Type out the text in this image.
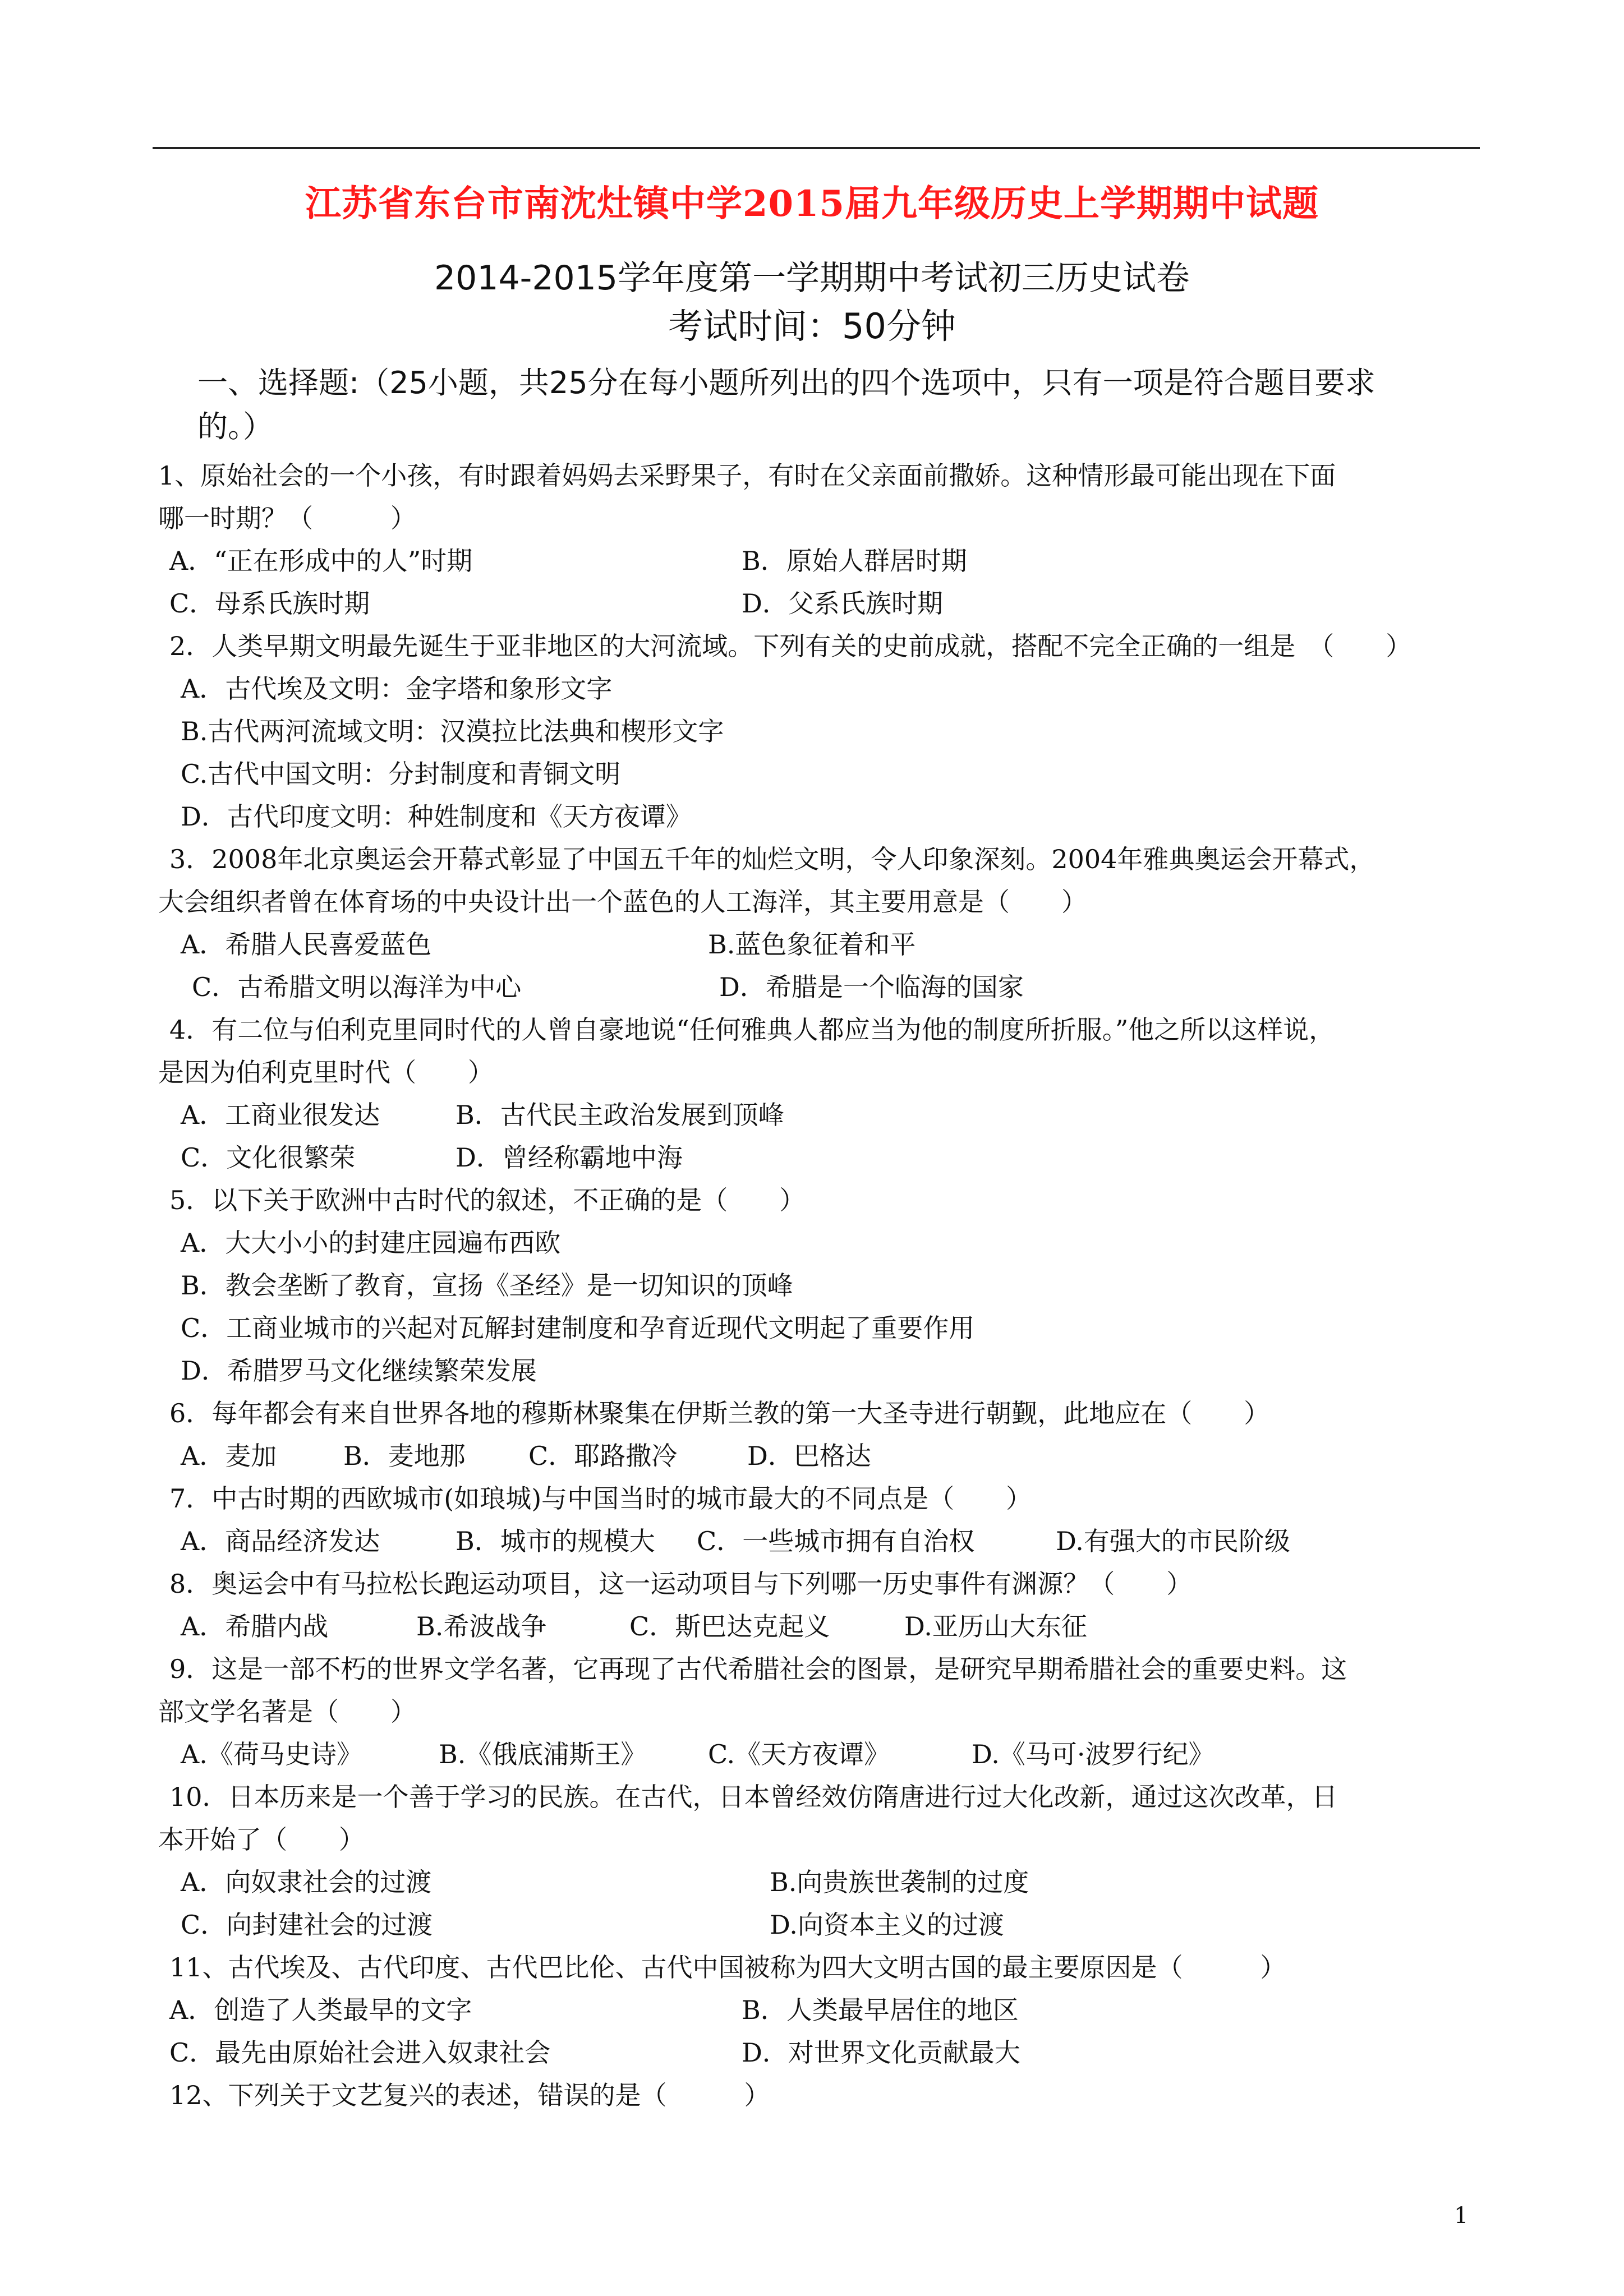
江苏省东台市南沈灶镇中学2015届九年级历史上学期期中试题
2014-2015学年度第一学期期中考试初三历史试卷
考试时间：50分钟
一、选择题:（25小题，共25分在每小题所列出的四个选项中，只有一项是符合题目要求
的。）
1、原始社会的一个小孩，有时跟着妈妈去采野果子，有时在父亲面前撒娇。这种情形最可能出现在下面
哪一时期？（　　　）
A．“正在形成中的人”时期	B．原始人群居时期
C．母系氏族时期	D．父系氏族时期
2．人类早期文明最先诞生于亚非地区的大河流域。下列有关的史前成就，搭配不完全正确的一组是　（　　）
A．古代埃及文明：金字塔和象形文字
B.古代两河流域文明：汉漠拉比法典和楔形文字
C.古代中国文明：分封制度和青铜文明
D．古代印度文明：种姓制度和《天方夜谭》
3．2008年北京奥运会开幕式彰显了中国五千年的灿烂文明，令人印象深刻。2004年雅典奥运会开幕式，
大会组织者曾在体育场的中央设计出一个蓝色的人工海洋，其主要用意是（　　）
A．希腊人民喜爱蓝色	B.蓝色象征着和平
C．古希腊文明以海洋为中心	D．希腊是一个临海的国家
4．有二位与伯利克里同时代的人曾自豪地说“任何雅典人都应当为他的制度所折服。”他之所以这样说，
是因为伯利克里时代（　　）
A．工商业很发达	B．古代民主政治发展到顶峰
C．文化很繁荣	D．曾经称霸地中海
5．以下关于欧洲中古时代的叙述，不正确的是（　　）
A．大大小小的封建庄园遍布西欧
B．教会垄断了教育，宣扬《圣经》是一切知识的顶峰
C．工商业城市的兴起对瓦解封建制度和孕育近现代文明起了重要作用
D．希腊罗马文化继续繁荣发展
6．每年都会有来自世界各地的穆斯林聚集在伊斯兰教的第一大圣寺进行朝觐，此地应在（　　）
A．麦加	B．麦地那 C．耶路撒冷	D．巴格达
7．中古时期的西欧城市(如琅城)与中国当时的城市最大的不同点是（　　）
A．商品经济发达	B．城市的规模大 C．一些城市拥有自治权	D.有强大的市民阶级
8．奥运会中有马拉松长跑运动项目，这一运动项目与下列哪一历史事件有渊源？（　　）
A．希腊内战	B.希波战争	C．斯巴达克起义	D.亚历山大东征
9．这是一部不朽的世界文学名著，它再现了古代希腊社会的图景，是研究早期希腊社会的重要史料。这
部文学名著是（　　）
A.《荷马史诗》	B.《俄底浦斯王》 C.《天方夜谭》	D.《马可·波罗行纪》
10．日本历来是一个善于学习的民族。在古代，日本曾经效仿隋唐进行过大化改新，通过这次改革，日
本开始了（　　）
A．向奴隶社会的过渡	B.向贵族世袭制的过度
C．向封建社会的过渡	D.向资本主义的过渡
11、古代埃及、古代印度、古代巴比伦、古代中国被称为四大文明古国的最主要原因是（　　　）
A．创造了人类最早的文字	B．人类最早居住的地区
C．最先由原始社会进入奴隶社会	D．对世界文化贡献最大
12、下列关于文艺复兴的表述，错误的是（　　　）
1
